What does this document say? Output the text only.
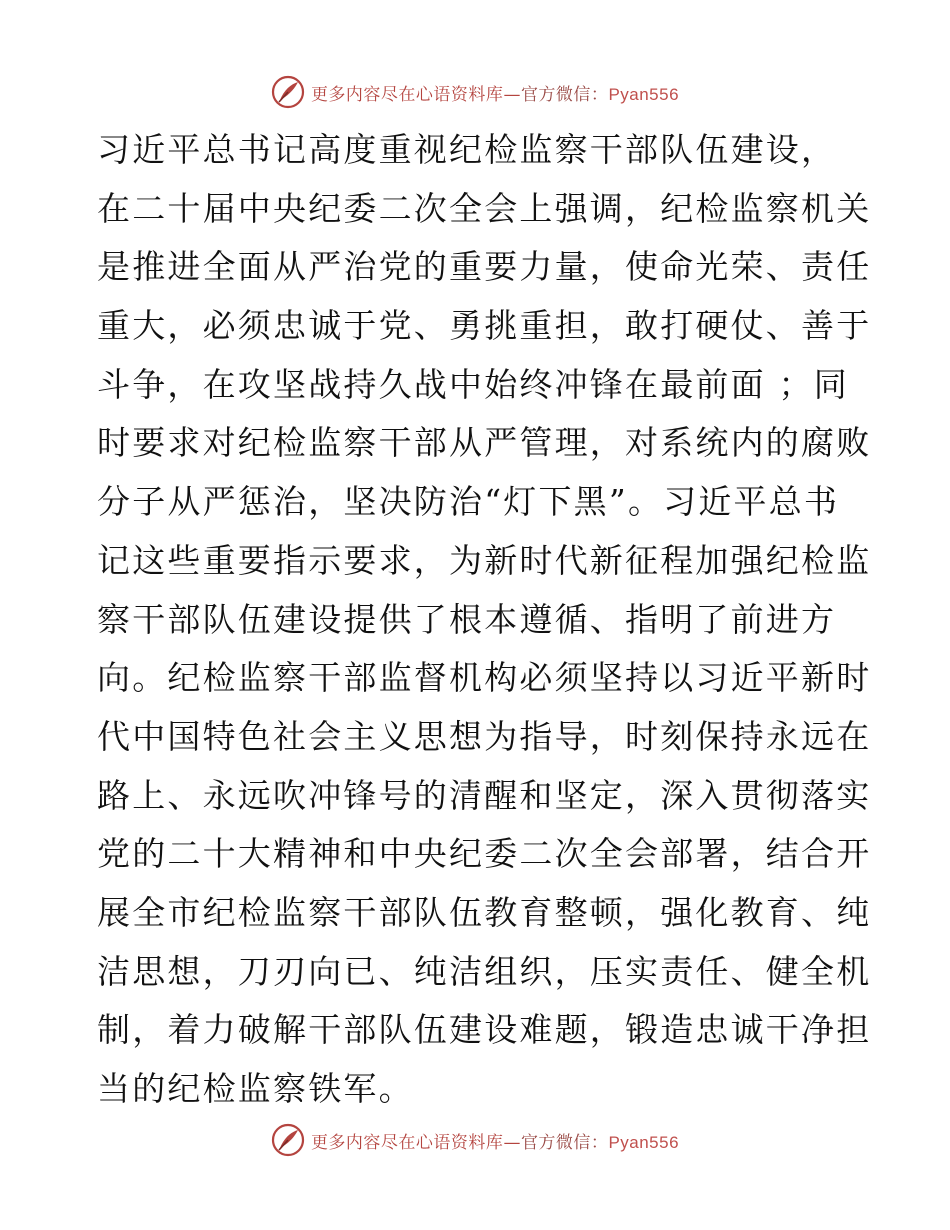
更多内容尽在心语资料库—官方微信：Pyan556
习近平总书记高度重视纪检监察干部队伍建设，
在二十届中央纪委二次全会上强调，纪检监察机关
是推进全面从严治党的重要力量，使命光荣、责任
重大，必须忠诚于党、勇挑重担，敢打硬仗、善于
斗争，在攻坚战持久战中始终冲锋在最前面 ；同
时要求对纪检监察干部从严管理，对系统内的腐败
分子从严惩治，坚决防治“灯下黑”。习近平总书
记这些重要指示要求，为新时代新征程加强纪检监
察干部队伍建设提供了根本遵循、指明了前进方
向。纪检监察干部监督机构必须坚持以习近平新时
代中国特色社会主义思想为指导，时刻保持永远在
路上、永远吹冲锋号的清醒和坚定，深入贯彻落实
党的二十大精神和中央纪委二次全会部署，结合开
展全市纪检监察干部队伍教育整顿，强化教育、纯
洁思想，刀刃向已、纯洁组织，压实责任、健全机
制，着力破解干部队伍建设难题，锻造忠诚干净担
当的纪检监察铁军。
更多内容尽在心语资料库—官方微信：Pyan556
